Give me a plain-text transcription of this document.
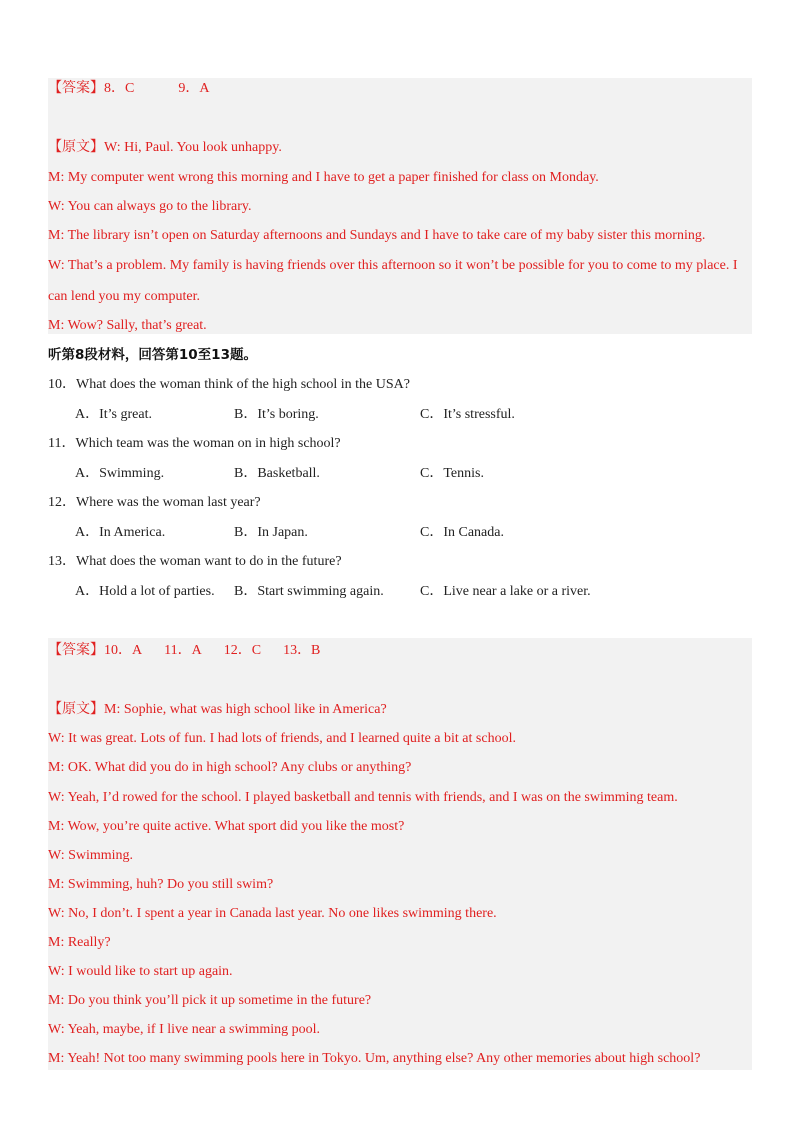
【答案】8．C	9．A
【原文】W: Hi, Paul. You look unhappy.
M: My computer went wrong this morning and I have to get a paper finished for class on Monday.
W: You can always go to the library.
M: The library isn’t open on Saturday afternoons and Sundays and I have to take care of my baby sister this morning.
W: That’s a problem. My family is having friends over this afternoon so it won’t be possible for you to come to my place. I
can lend you my computer.
M: Wow? Sally, that’s great.
听第8段材料，回答第10至13题。
10．What does the woman think of the high school in the USA?
A．It’s great.	B．It’s boring.	C．It’s stressful.
11．Which team was the woman on in high school?
A．Swimming.	B．Basketball.	C．Tennis.
12．Where was the woman last year?
A．In America.	B．In Japan.	C．In Canada.
13．What does the woman want to do in the future?
A．Hold a lot of parties. B．Start swimming again.	C．Live near a lake or a river.
【答案】10．A 11．A 12．C 13．B
【原文】M: Sophie, what was high school like in America?
W: It was great. Lots of fun. I had lots of friends, and I learned quite a bit at school.
M: OK. What did you do in high school? Any clubs or anything?
W: Yeah, I’d rowed for the school. I played basketball and tennis with friends, and I was on the swimming team.
M: Wow, you’re quite active. What sport did you like the most?
W: Swimming.
M: Swimming, huh? Do you still swim?
W: No, I don’t. I spent a year in Canada last year. No one likes swimming there.
M: Really?
W: I would like to start up again.
M: Do you think you’ll pick it up sometime in the future?
W: Yeah, maybe, if I live near a swimming pool.
M: Yeah! Not too many swimming pools here in Tokyo. Um, anything else? Any other memories about high school?
